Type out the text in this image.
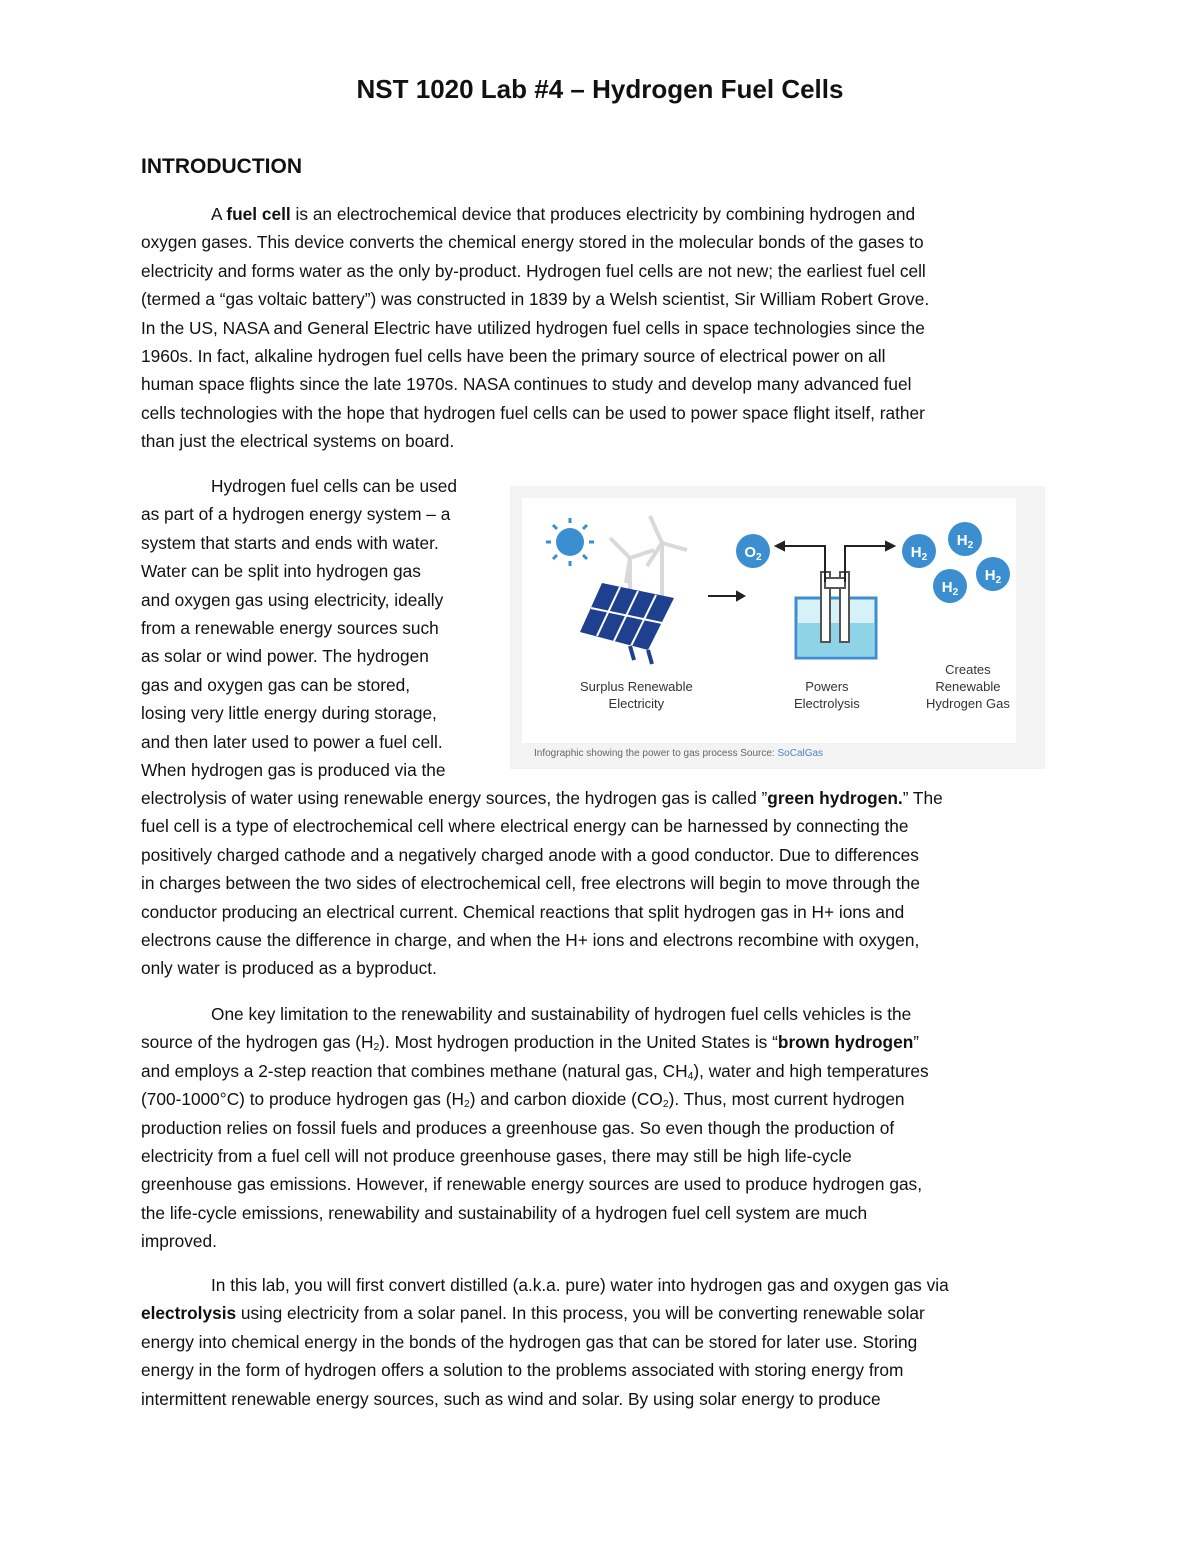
NST 1020 Lab #4 – Hydrogen Fuel Cells
INTRODUCTION
A fuel cell is an electrochemical device that produces electricity by combining hydrogen and
oxygen gases. This device converts the chemical energy stored in the molecular bonds of the gases to
electricity and forms water as the only by-product. Hydrogen fuel cells are not new; the earliest fuel cell
(termed a “gas voltaic battery”) was constructed in 1839 by a Welsh scientist, Sir William Robert Grove.
In the US, NASA and General Electric have utilized hydrogen fuel cells in space technologies since the
1960s. In fact, alkaline hydrogen fuel cells have been the primary source of electrical power on all
human space flights since the late 1970s. NASA continues to study and develop many advanced fuel
cells technologies with the hope that hydrogen fuel cells can be used to power space flight itself, rather
than just the electrical systems on board.
Hydrogen fuel cells can be used
as part of a hydrogen energy system – a
system that starts and ends with water.
Water can be split into hydrogen gas
and oxygen gas using electricity, ideally
from a renewable energy sources such
as solar or wind power. The hydrogen
gas and oxygen gas can be stored,
losing very little energy during storage,
and then later used to power a fuel cell.
When hydrogen gas is produced via the
electrolysis of water using renewable energy sources, the hydrogen gas is called ”green hydrogen.” The
fuel cell is a type of electrochemical cell where electrical energy can be harnessed by connecting the
positively charged cathode and a negatively charged anode with a good conductor. Due to differences
in charges between the two sides of electrochemical cell, free electrons will begin to move through the
conductor producing an electrical current. Chemical reactions that split hydrogen gas in H+ ions and
electrons cause the difference in charge, and when the H+ ions and electrons recombine with oxygen,
only water is produced as a byproduct.
$O_2$	$H_2$
$H_2$
$H_2$
$H_2$
Surplus Renewable
Electricity
Powers
Electrolysis
Creates
Renewable
Hydrogen Gas
Infographic showing the power to gas process Source: SoCalGas
One key limitation to the renewability and sustainability of hydrogen fuel cells vehicles is the
source of the hydrogen gas $(H_2)$. Most hydrogen production in the United States is “brown hydrogen”
and employs a 2-step reaction that combines methane (natural gas, $CH_4$), water and high temperatures
(700-1000°C) to produce hydrogen gas $(H_2)$ and carbon dioxide $(CO_2)$. Thus, most current hydrogen
production relies on fossil fuels and produces a greenhouse gas. So even though the production of
electricity from a fuel cell will not produce greenhouse gases, there may still be high life-cycle
greenhouse gas emissions. However, if renewable energy sources are used to produce hydrogen gas,
the life-cycle emissions, renewability and sustainability of a hydrogen fuel cell system are much
improved.
In this lab, you will first convert distilled (a.k.a. pure) water into hydrogen gas and oxygen gas via
electrolysis using electricity from a solar panel. In this process, you will be converting renewable solar
energy into chemical energy in the bonds of the hydrogen gas that can be stored for later use. Storing
energy in the form of hydrogen offers a solution to the problems associated with storing energy from
intermittent renewable energy sources, such as wind and solar. By using solar energy to produce
